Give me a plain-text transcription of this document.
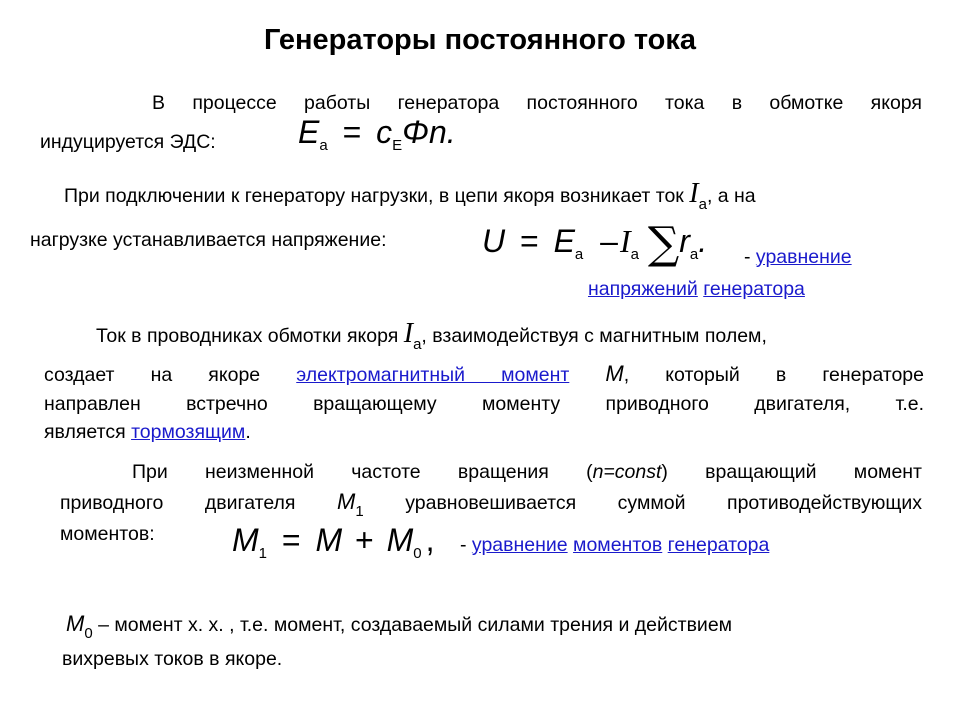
Генераторы постоянного тока
В процессе работы генератора постоянного тока в обмотке якоря
индуцируется ЭДС:	$E_a = c_E\Phi n$.
При подключении к генератору нагрузки, в цепи якоря возникает ток $I_а$, а на
нагрузке устанавливается напряжение:	$U = E_a$ $-I_a$ $\sum r_a$. - уравнение
напряжений генератора
Ток в проводниках обмотки якоря $I_а$, взаимодействуя с магнитным полем,
создает на якоре электромагнитный момент M, который в генераторе
направлен встречно вращающему моменту приводного двигателя, т.е.
является тормозящим.
При неизменной частоте вращения (n=const) вращающий момент
приводного двигателя $M_1$ уравновешивается суммой противодействующих
моментов: $M_1 = M + M_0$ , - уравнение моментов генератора
$M_0$ – момент х. х. , т.е. момент, создаваемый силами трения и действием
вихревых токов в якоре.
